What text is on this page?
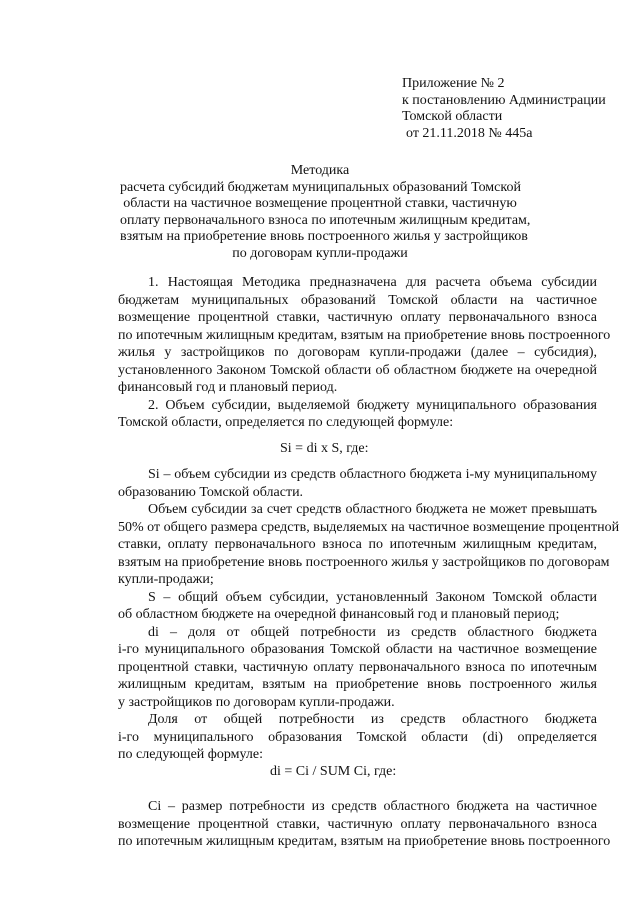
Приложение № 2
к постановлению Администрации
Томской области
от 21.11.2018 № 445а
Методика
расчета субсидий бюджетам муниципальных образований Томской
области на частичное возмещение процентной ставки, частичную
оплату первоначального взноса по ипотечным жилищным кредитам,
взятым на приобретение вновь построенного жилья у застройщиков
по договорам купли-продажи
1. Настоящая Методика предназначена для расчета объема субсидии
бюджетам муниципальных образований Томской области на частичное
возмещение процентной ставки, частичную оплату первоначального взноса
по ипотечным жилищным кредитам, взятым на приобретение вновь построенного
жилья у застройщиков по договорам купли-продажи (далее – субсидия),
установленного Законом Томской области об областном бюджете на очередной
финансовый год и плановый период.
2. Объем субсидии, выделяемой бюджету муниципального образования
Томской области, определяется по следующей формуле:
Si = di x S, где:
Si – объем субсидии из средств областного бюджета i-му муниципальному
образованию Томской области.
Объем субсидии за счет средств областного бюджета не может превышать
50% от общего размера средств, выделяемых на частичное возмещение процентной
ставки, оплату первоначального взноса по ипотечным жилищным кредитам,
взятым на приобретение вновь построенного жилья у застройщиков по договорам
купли-продажи;
S – общий объем субсидии, установленный Законом Томской области
об областном бюджете на очередной финансовый год и плановый период;
di – доля от общей потребности из средств областного бюджета
i-го муниципального образования Томской области на частичное возмещение
процентной ставки, частичную оплату первоначального взноса по ипотечным
жилищным кредитам, взятым на приобретение вновь построенного жилья
у застройщиков по договорам купли-продажи.
Доля от общей потребности из средств областного бюджета
i-го муниципального образования Томской области (di) определяется
по следующей формуле:
di = Ci / SUM Ci, где:
Ci – размер потребности из средств областного бюджета на частичное
возмещение процентной ставки, частичную оплату первоначального взноса
по ипотечным жилищным кредитам, взятым на приобретение вновь построенного
